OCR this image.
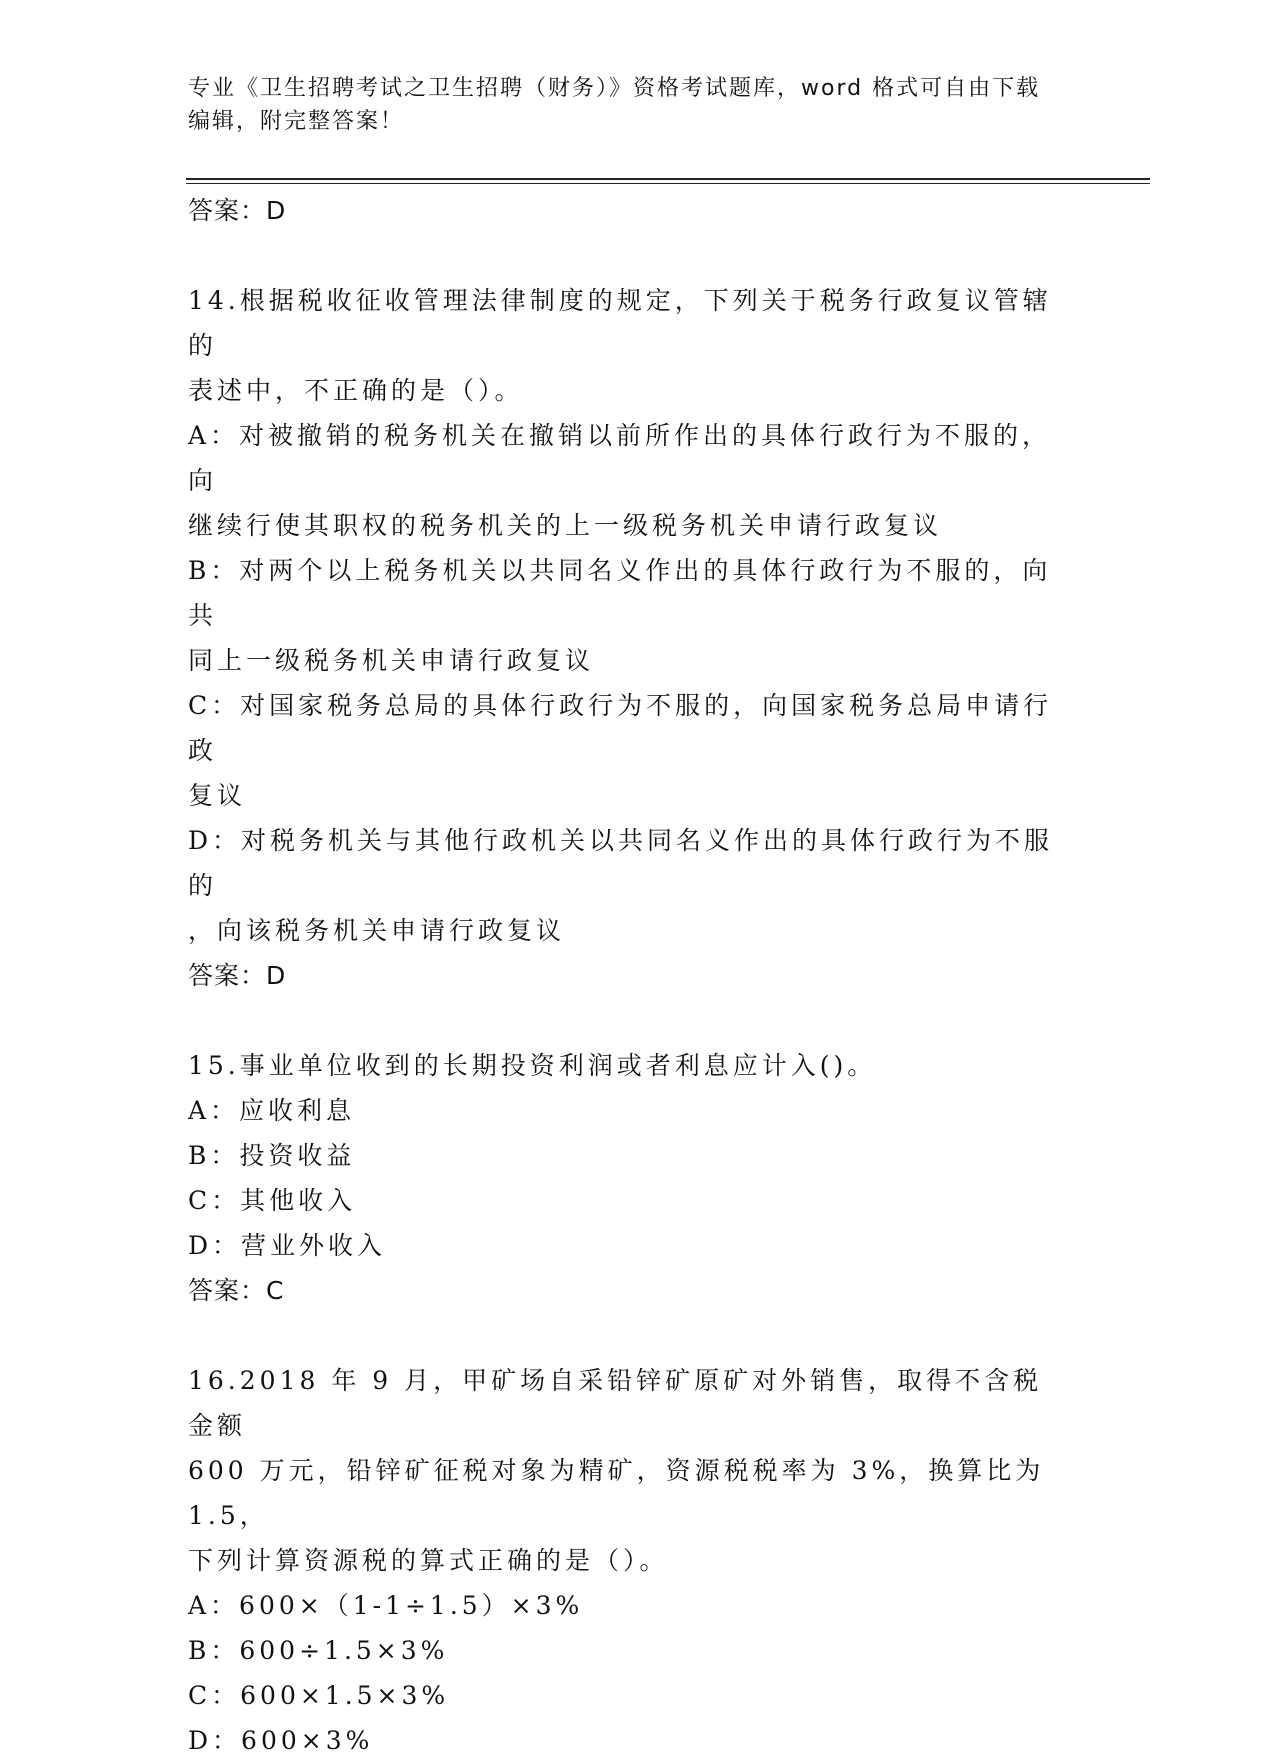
专业《卫生招聘考试之卫生招聘（财务）》资格考试题库，word 格式可自由下载
编辑，附完整答案！
答案：D
14.根据税收征收管理法律制度的规定，下列关于税务行政复议管辖的
表述中，不正确的是（）。
A：对被撤销的税务机关在撤销以前所作出的具体行政行为不服的，向
继续行使其职权的税务机关的上一级税务机关申请行政复议
B：对两个以上税务机关以共同名义作出的具体行政行为不服的，向共
同上一级税务机关申请行政复议
C：对国家税务总局的具体行政行为不服的，向国家税务总局申请行政
复议
D：对税务机关与其他行政机关以共同名义作出的具体行政行为不服的
，向该税务机关申请行政复议
答案：D
15.事业单位收到的长期投资利润或者利息应计入()。
A：应收利息
B：投资收益
C：其他收入
D：营业外收入
答案：C
16.2018 年 9 月，甲矿场自采铅锌矿原矿对外销售，取得不含税金额
600 万元，铅锌矿征税对象为精矿，资源税税率为 3%，换算比为 1.5，
下列计算资源税的算式正确的是（）。
A：600×（1-1÷1.5）×3%
B：600÷1.5×3%
C：600×1.5×3%
D：600×3%
